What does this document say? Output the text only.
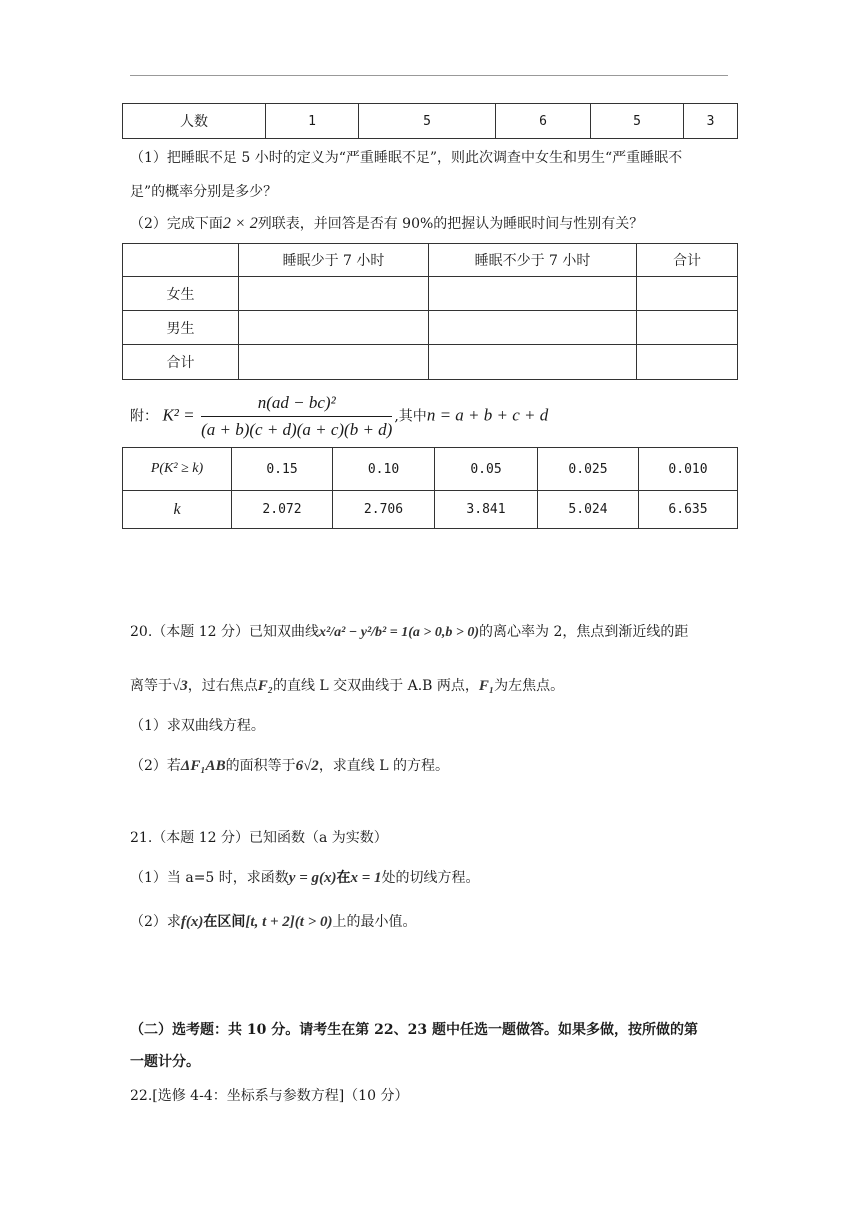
人数	1	5	6	5	3
（1）把睡眠不足 5 小时的定义为“严重睡眠不足”，则此次调查中女生和男生“严重睡眠不
足”的概率分别是多少？
（2）完成下面2 × 2列联表，并回答是否有 90%的把握认为睡眠时间与性别有关？
	睡眠少于 7 小时	睡眠不少于 7 小时	合计
女生			
男生			
合计			
附： $K^2 = \frac{\text{n(ad − bc)²}}{(a + b)(c + d)(a + c)(b + d)}$ ,其中n = a + b + c + d
P(K² ≥ k)	0.15	0.10	0.05	0.025	0.010
k	2.072	2.706	3.841	5.024	6.635
20.（本题 12 分）已知双曲线x²/a² − y²/b² = 1(a > 0,b > 0)的离心率为 2，焦点到渐近线的距
离等于√3，过右焦点F₂的直线 L 交双曲线于 A.B 两点，F₁为左焦点。
（1）求双曲线方程。
（2）若ΔF₁AB的面积等于6√2，求直线 L 的方程。
21.（本题 12 分）已知函数（a 为实数）
（1）当 a=5 时，求函数y = g(x)在x = 1处的切线方程。
（2）求f(x)在区间[t, t + 2](t > 0)上的最小值。
（二）选考题：共 10 分。请考生在第 22、23 题中任选一题做答。如果多做，按所做的第
一题计分。
22.[选修 4-4：坐标系与参数方程]（10 分）
